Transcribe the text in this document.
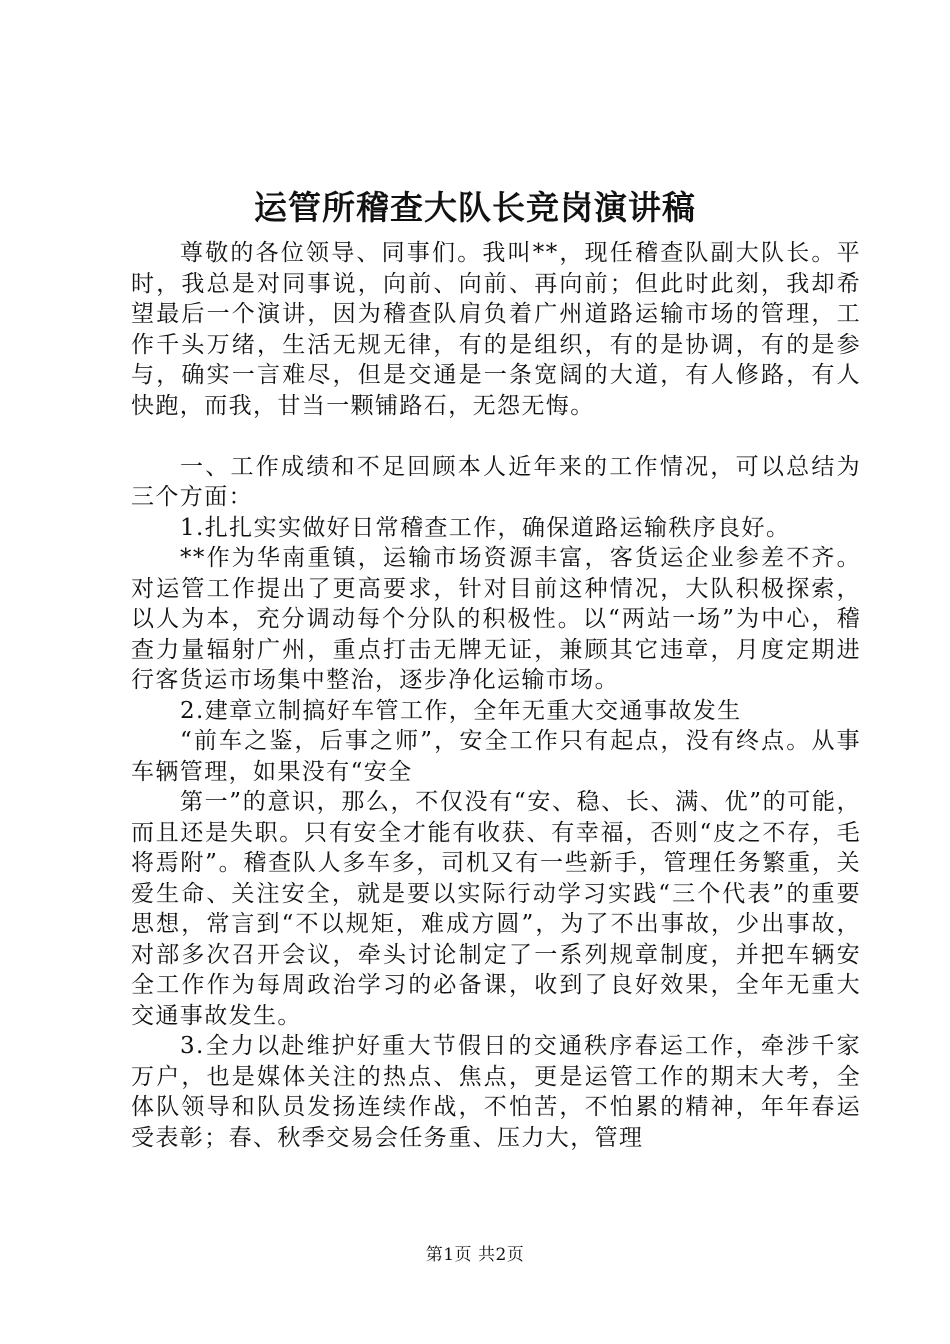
运管所稽查大队长竞岗演讲稿

尊敬的各位领导、同事们。我叫**，现任稽查队副大队长。平时，我总是对同事说，向前、向前、再向前；但此时此刻，我却希望最后一个演讲，因为稽查队肩负着广州道路运输市场的管理，工作千头万绪，生活无规无律，有的是组织，有的是协调，有的是参与，确实一言难尽，但是交通是一条宽阔的大道，有人修路，有人快跑，而我，甘当一颗铺路石，无怨无悔。

一、工作成绩和不足回顾本人近年来的工作情况，可以总结为三个方面：

1.扎扎实实做好日常稽查工作，确保道路运输秩序良好。

**作为华南重镇，运输市场资源丰富，客货运企业参差不齐。对运管工作提出了更高要求，针对目前这种情况，大队积极探索，以人为本，充分调动每个分队的积极性。以“两站一场”为中心，稽查力量辐射广州，重点打击无牌无证，兼顾其它违章，月度定期进行客货运市场集中整治，逐步净化运输市场。

2.建章立制搞好车管工作，全年无重大交通事故发生

“前车之鉴，后事之师”，安全工作只有起点，没有终点。从事车辆管理，如果没有“安全

第一”的意识，那么，不仅没有“安、稳、长、满、优”的可能，而且还是失职。只有安全才能有收获、有幸福，否则“皮之不存，毛将焉附”。稽查队人多车多，司机又有一些新手，管理任务繁重，关爱生命、关注安全，就是要以实际行动学习实践“三个代表”的重要思想，常言到“不以规矩，难成方圆”，为了不出事故，少出事故，对部多次召开会议，牵头讨论制定了一系列规章制度，并把车辆安全工作作为每周政治学习的必备课，收到了良好效果，全年无重大交通事故发生。

3.全力以赴维护好重大节假日的交通秩序春运工作，牵涉千家万户，也是媒体关注的热点、焦点，更是运管工作的期末大考，全体队领导和队员发扬连续作战，不怕苦，不怕累的精神，年年春运受表彰；春、秋季交易会任务重、压力大，管理

第1页 共2页
